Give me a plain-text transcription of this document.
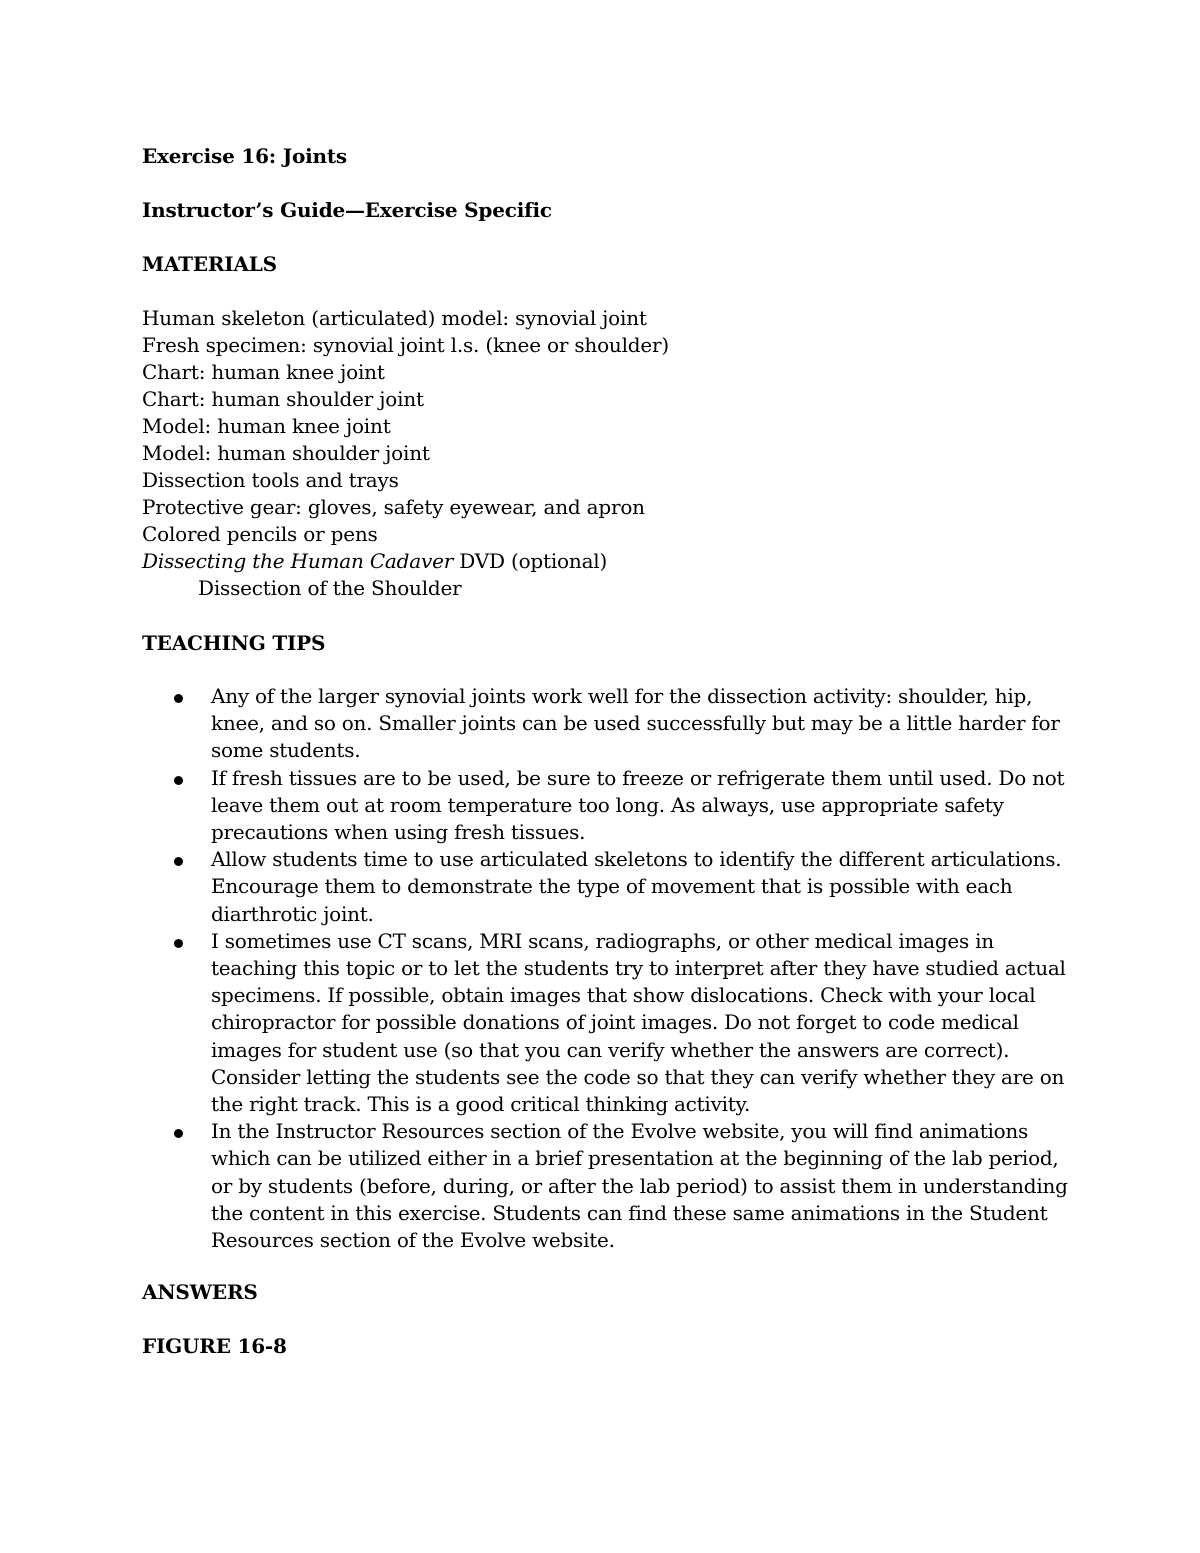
Exercise 16: Joints
Instructor’s Guide—Exercise Specific
MATERIALS
Human skeleton (articulated) model: synovial joint
Fresh specimen: synovial joint l.s. (knee or shoulder)
Chart: human knee joint
Chart: human shoulder joint
Model: human knee joint
Model: human shoulder joint
Dissection tools and trays
Protective gear: gloves, safety eyewear, and apron
Colored pencils or pens
Dissecting the Human Cadaver DVD (optional)
Dissection of the Shoulder
TEACHING TIPS
Any of the larger synovial joints work well for the dissection activity: shoulder, hip, knee, and so on. Smaller joints can be used successfully but may be a little harder for some students.
If fresh tissues are to be used, be sure to freeze or refrigerate them until used. Do not leave them out at room temperature too long. As always, use appropriate safety precautions when using fresh tissues.
Allow students time to use articulated skeletons to identify the different articulations. Encourage them to demonstrate the type of movement that is possible with each diarthrotic joint.
I sometimes use CT scans, MRI scans, radiographs, or other medical images in teaching this topic or to let the students try to interpret after they have studied actual specimens. If possible, obtain images that show dislocations. Check with your local chiropractor for possible donations of joint images. Do not forget to code medical images for student use (so that you can verify whether the answers are correct). Consider letting the students see the code so that they can verify whether they are on the right track. This is a good critical thinking activity.
In the Instructor Resources section of the Evolve website, you will find animations which can be utilized either in a brief presentation at the beginning of the lab period, or by students (before, during, or after the lab period) to assist them in understanding the content in this exercise. Students can find these same animations in the Student Resources section of the Evolve website.
ANSWERS
FIGURE 16-8
